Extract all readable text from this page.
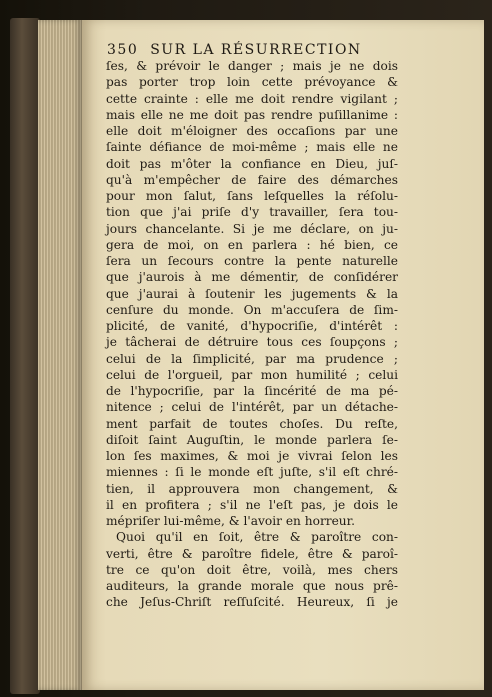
350 SUR LA RÉSURRECTION
ſes, & prévoir le danger ; mais je ne dois
pas porter trop loin cette prévoyance &
cette crainte : elle me doit rendre vigilant ;
mais elle ne me doit pas rendre puſillanime :
elle doit m'éloigner des occaſions par une
ſainte défiance de moi-même ; mais elle ne
doit pas m'ôter la confiance en Dieu, juſ-
qu'à m'empêcher de faire des démarches
pour mon ſalut, ſans leſquelles la réſolu-
tion que j'ai priſe d'y travailler, ſera tou-
jours chancelante. Si je me déclare, on ju-
gera de moi, on en parlera : hé bien, ce
ſera un ſecours contre la pente naturelle
que j'aurois à me démentir, de conſidérer
que j'aurai à ſoutenir les jugements & la
cenſure du monde. On m'accuſera de ſim-
plicité, de vanité, d'hypocriſie, d'intérêt :
je tâcherai de détruire tous ces ſoupçons ;
celui de la ſimplicité, par ma prudence ;
celui de l'orgueil, par mon humilité ; celui
de l'hypocriſie, par la ſincérité de ma pé-
nitence ; celui de l'intérêt, par un détache-
ment parfait de toutes choſes. Du reſte,
diſoit ſaint Auguſtin, le monde parlera ſe-
lon ſes maximes, & moi je vivrai ſelon les
miennes : ſi le monde eſt juſte, s'il eſt chré-
tien, il approuvera mon changement, &
il en profitera ; s'il ne l'eſt pas, je dois le
mépriſer lui-même, & l'avoir en horreur.
Quoi qu'il en ſoit, être & paroître con-
verti, être & paroître fidele, être & paroî-
tre ce qu'on doit être, voilà, mes chers
auditeurs, la grande morale que nous prê-
che Jeſus-Chriſt reſſuſcité. Heureux, ſi je
